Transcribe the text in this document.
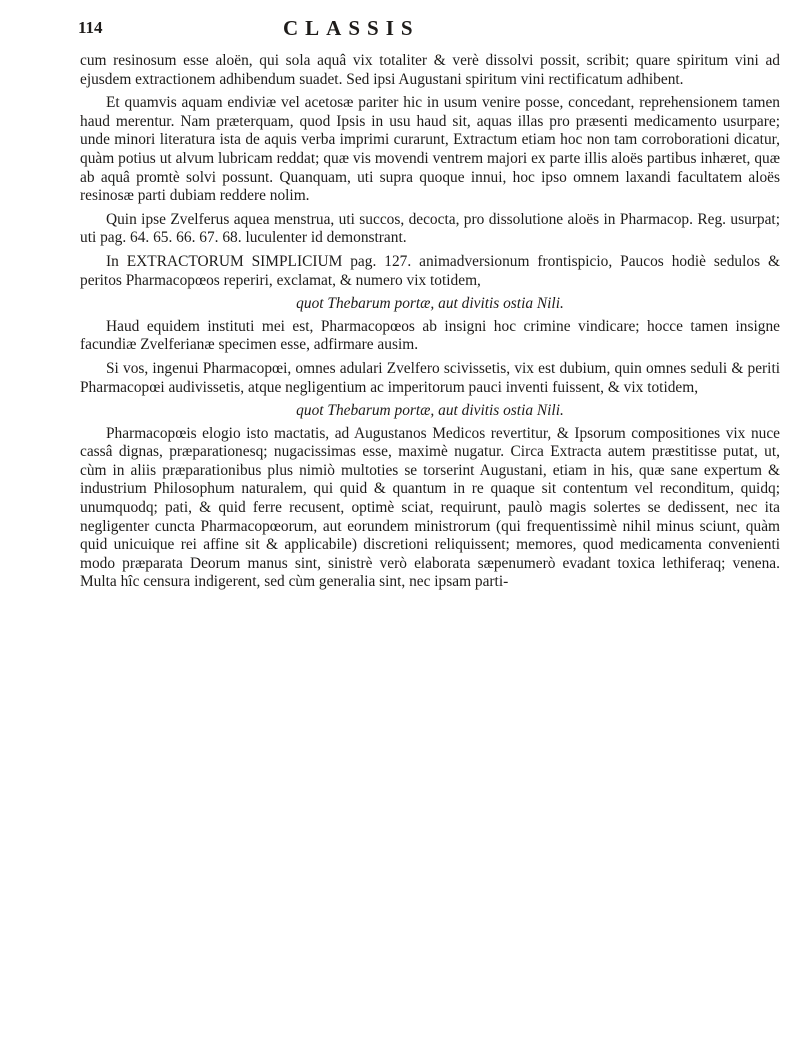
114	CLASSIS

cum resinosum esse aloën, qui sola aquâ vix totaliter & verè dissolvi possit, scribit; quare spiritum vini ad ejusdem extractionem adhibendum suadet. Sed ipsi Augustani spiritum vini rectificatum adhibent.

Et quamvis aquam endiviæ vel acetosæ pariter hic in usum venire posse, concedant, reprehensionem tamen haud merentur. Nam præterquam, quod Ipsis in usu haud sit, aquas illas pro præsenti medicamento usurpare; unde minori literatura ista de aquis verba imprimi curarunt, Extractum etiam hoc non tam corroborationi dicatur, quàm potius ut alvum lubricam reddat; quæ vis movendi ventrem majori ex parte illis aloës partibus inhæret, quæ ab aquâ promtè solvi possunt. Quanquam, uti supra quoque innui, hoc ipso omnem laxandi facultatem aloës resinosæ parti dubiam reddere nolim.

Quin ipse Zvelferus aquea menstrua, uti succos, decocta, pro dissolutione aloës in Pharmacop. Reg. usurpat; uti pag. 64. 65. 66. 67. 68. luculenter id demonstrant.

In EXTRACTORUM SIMPLICIUM pag. 127. animadversionum frontispicio, Paucos hodiè sedulos & peritos Pharmacopœos reperiri, exclamat, & numero vix totidem,

quot Thebarum portæ, aut divitis ostia Nili.

Haud equidem instituti mei est, Pharmacopœos ab insigni hoc crimine vindicare; hocce tamen insigne facundiæ Zvelferianæ specimen esse, adfirmare ausim.

Si vos, ingenui Pharmacopœi, omnes adulari Zvelfero scivissetis, vix est dubium, quin omnes seduli & periti Pharmacopœi audivissetis, atque negligentium ac imperitorum pauci inventi fuissent, & vix totidem,

quot Thebarum portæ, aut divitis ostia Nili.

Pharmacopœis elogio isto mactatis, ad Augustanos Medicos revertitur, & Ipsorum compositiones vix nuce cassâ dignas, præparationesq; nugacissimas esse, maximè nugatur. Circa Extracta autem præstitisse putat, ut, cùm in aliis præparationibus plus nimiò multoties se torserint Augustani, etiam in his, quæ sane expertum & industrium Philosophum naturalem, qui quid & quantum in re quaque sit contentum vel reconditum, quidq; unumquodq; pati, & quid ferre recusent, optimè sciat, requirunt, paulò magis solertes se dedissent, nec ita negligenter cuncta Pharmacopœorum, aut eorundem ministrorum (qui frequentissimè nihil minus sciunt, quàm quid unicuique rei affine sit & applicabile) discretioni reliquissent; memores, quod medicamenta convenienti modo præparata Deorum manus sint, sinistrè verò elaborata sæpenumerò evadant toxica lethiferaq; venena. Multa hîc censura indigerent, sed cùm generalia sint, nec ipsam parti-
